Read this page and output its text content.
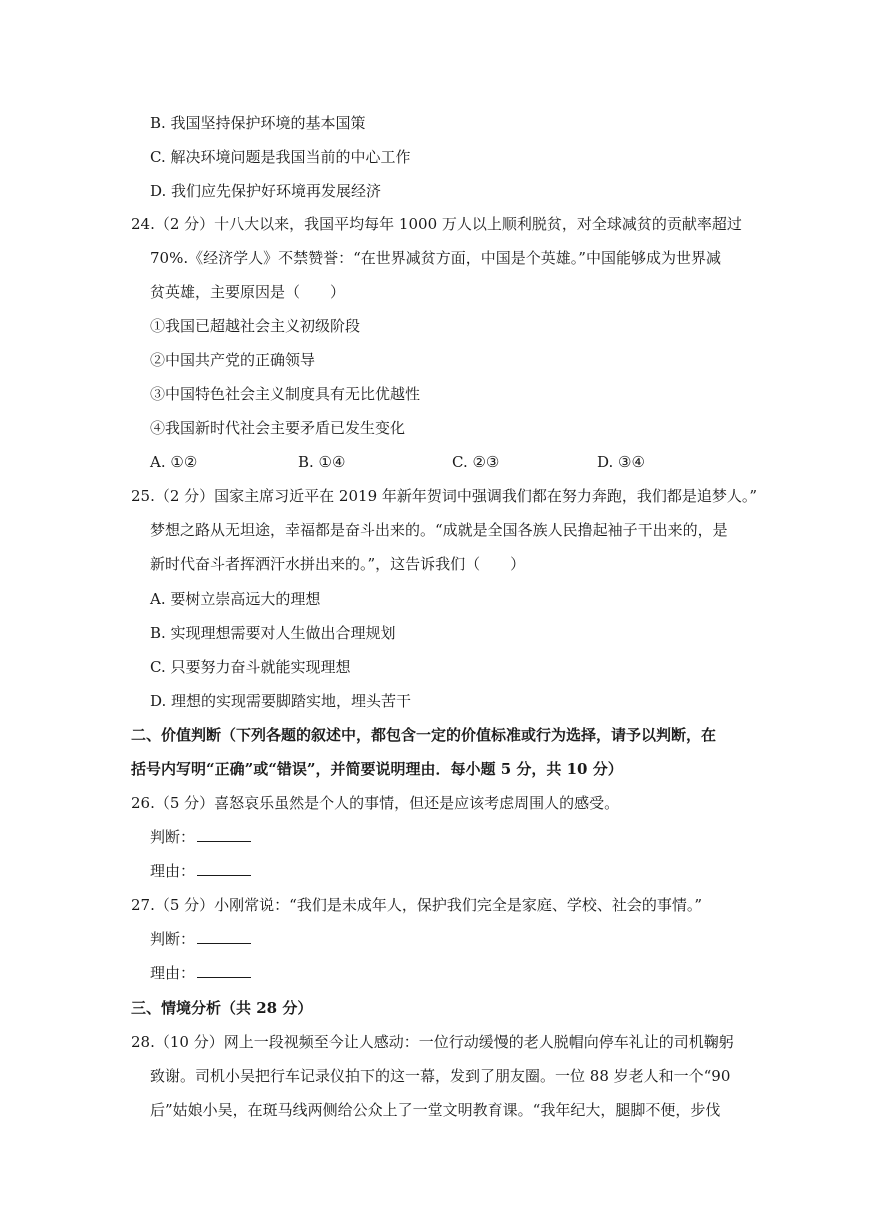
B. 我国坚持保护环境的基本国策
C. 解决环境问题是我国当前的中心工作
D. 我们应先保护好环境再发展经济
24.（2 分）十八大以来，我国平均每年 1000 万人以上顺利脱贫，对全球减贫的贡献率超过
70%.《经济学人》不禁赞誉：“在世界减贫方面，中国是个英雄。”中国能够成为世界减
贫英雄，主要原因是（　　）
①我国已超越社会主义初级阶段
②中国共产党的正确领导
③中国特色社会主义制度具有无比优越性
④我国新时代社会主要矛盾已发生变化
A. ①②	B. ①④	C. ②③	D. ③④
25.（2 分）国家主席习近平在 2019 年新年贺词中强调我们都在努力奔跑，我们都是追梦人。”
梦想之路从无坦途，幸福都是奋斗出来的。“成就是全国各族人民撸起袖子干出来的，是
新时代奋斗者挥洒汗水拼出来的。”，这告诉我们（　　）
A. 要树立崇高远大的理想
B. 实现理想需要对人生做出合理规划
C. 只要努力奋斗就能实现理想
D. 理想的实现需要脚踏实地，埋头苦干
二、价值判断（下列各题的叙述中，都包含一定的价值标准或行为选择，请予以判断，在
括号内写明“正确”或“错误”，并简要说明理由．每小题 5 分，共 10 分）
26.（5 分）喜怒哀乐虽然是个人的事情，但还是应该考虑周围人的感受。
判断：
理由：
27.（5 分）小刚常说：“我们是未成年人，保护我们完全是家庭、学校、社会的事情。”
判断：
理由：
三、情境分析（共 28 分）
28.（10 分）网上一段视频至今让人感动：一位行动缓慢的老人脱帽向停车礼让的司机鞠躬
致谢。司机小吴把行车记录仪拍下的这一幕，发到了朋友圈。一位 88 岁老人和一个“90
后”姑娘小吴，在斑马线两侧给公众上了一堂文明教育课。“我年纪大，腿脚不便，步伐
